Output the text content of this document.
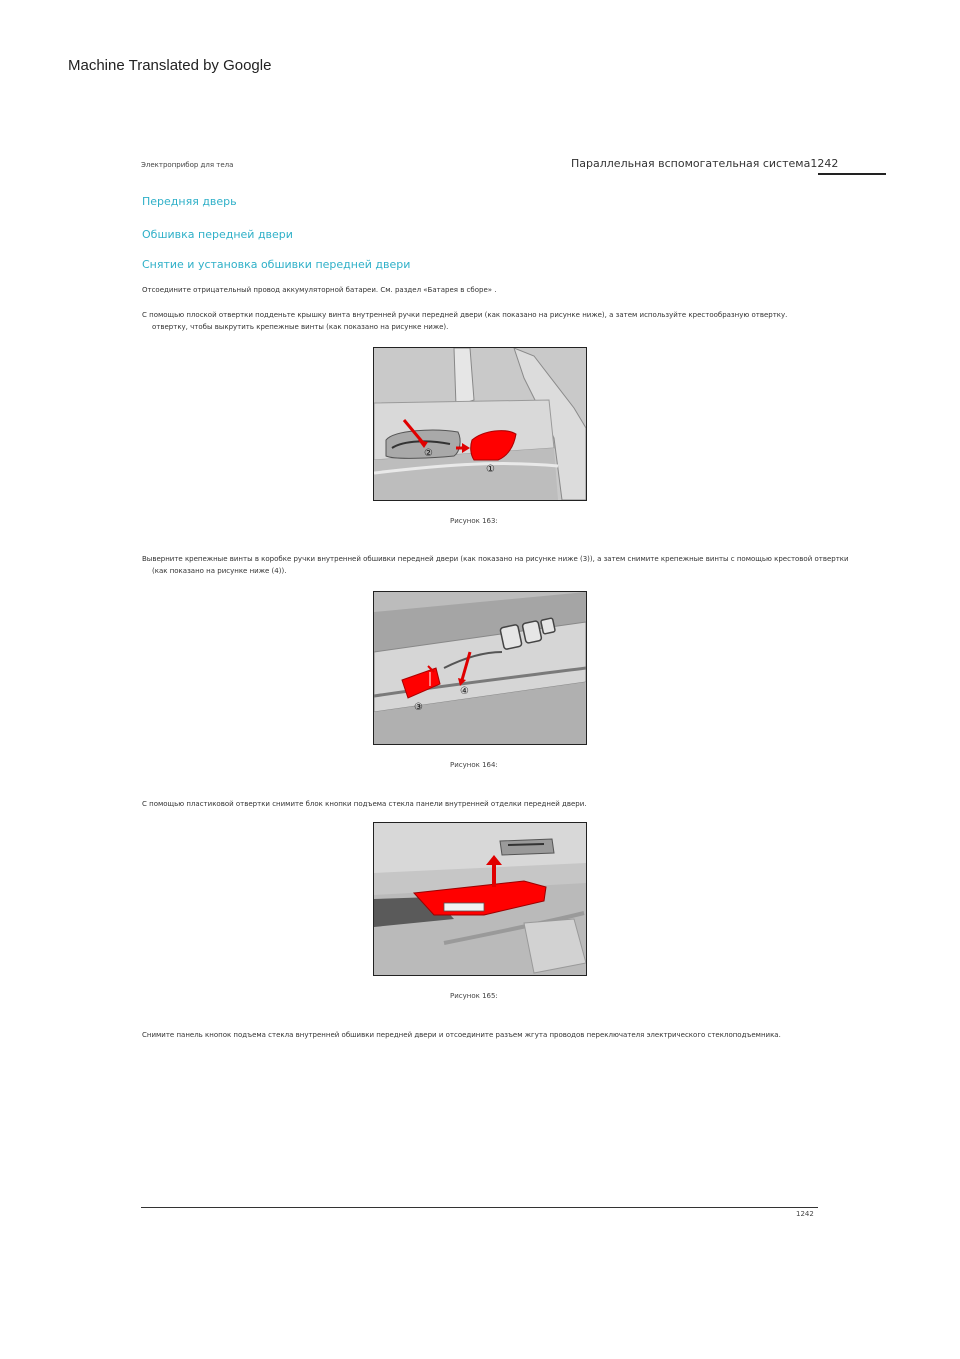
Machine Translated by Google
Электроприбор для тела	Параллельная вспомогательная система1242
Передняя дверь
Обшивка передней двери
Снятие и установка обшивки передней двери
Отсоедините отрицательный провод аккумуляторной батареи. См. раздел «Батарея в сборе» .
С помощью плоской отвертки подденьте крышку винта внутренней ручки передней двери (как показано на рисунке ниже), а затем используйте крестообразную отвертку.
отвертку, чтобы выкрутить крепежные винты (как показано на рисунке ниже).
②
①
Рисунок 163:
Выверните крепежные винты в коробке ручки внутренней обшивки передней двери (как показано на рисунке ниже (3)), а затем снимите крепежные винты с помощью крестовой отвертки
(как показано на рисунке ниже (4)).
③
④
Рисунок 164:
С помощью пластиковой отвертки снимите блок кнопки подъема стекла панели внутренней отделки передней двери.
Рисунок 165:
Снимите панель кнопок подъема стекла внутренней обшивки передней двери и отсоедините разъем жгута проводов переключателя электрического стеклоподъемника.
1242
